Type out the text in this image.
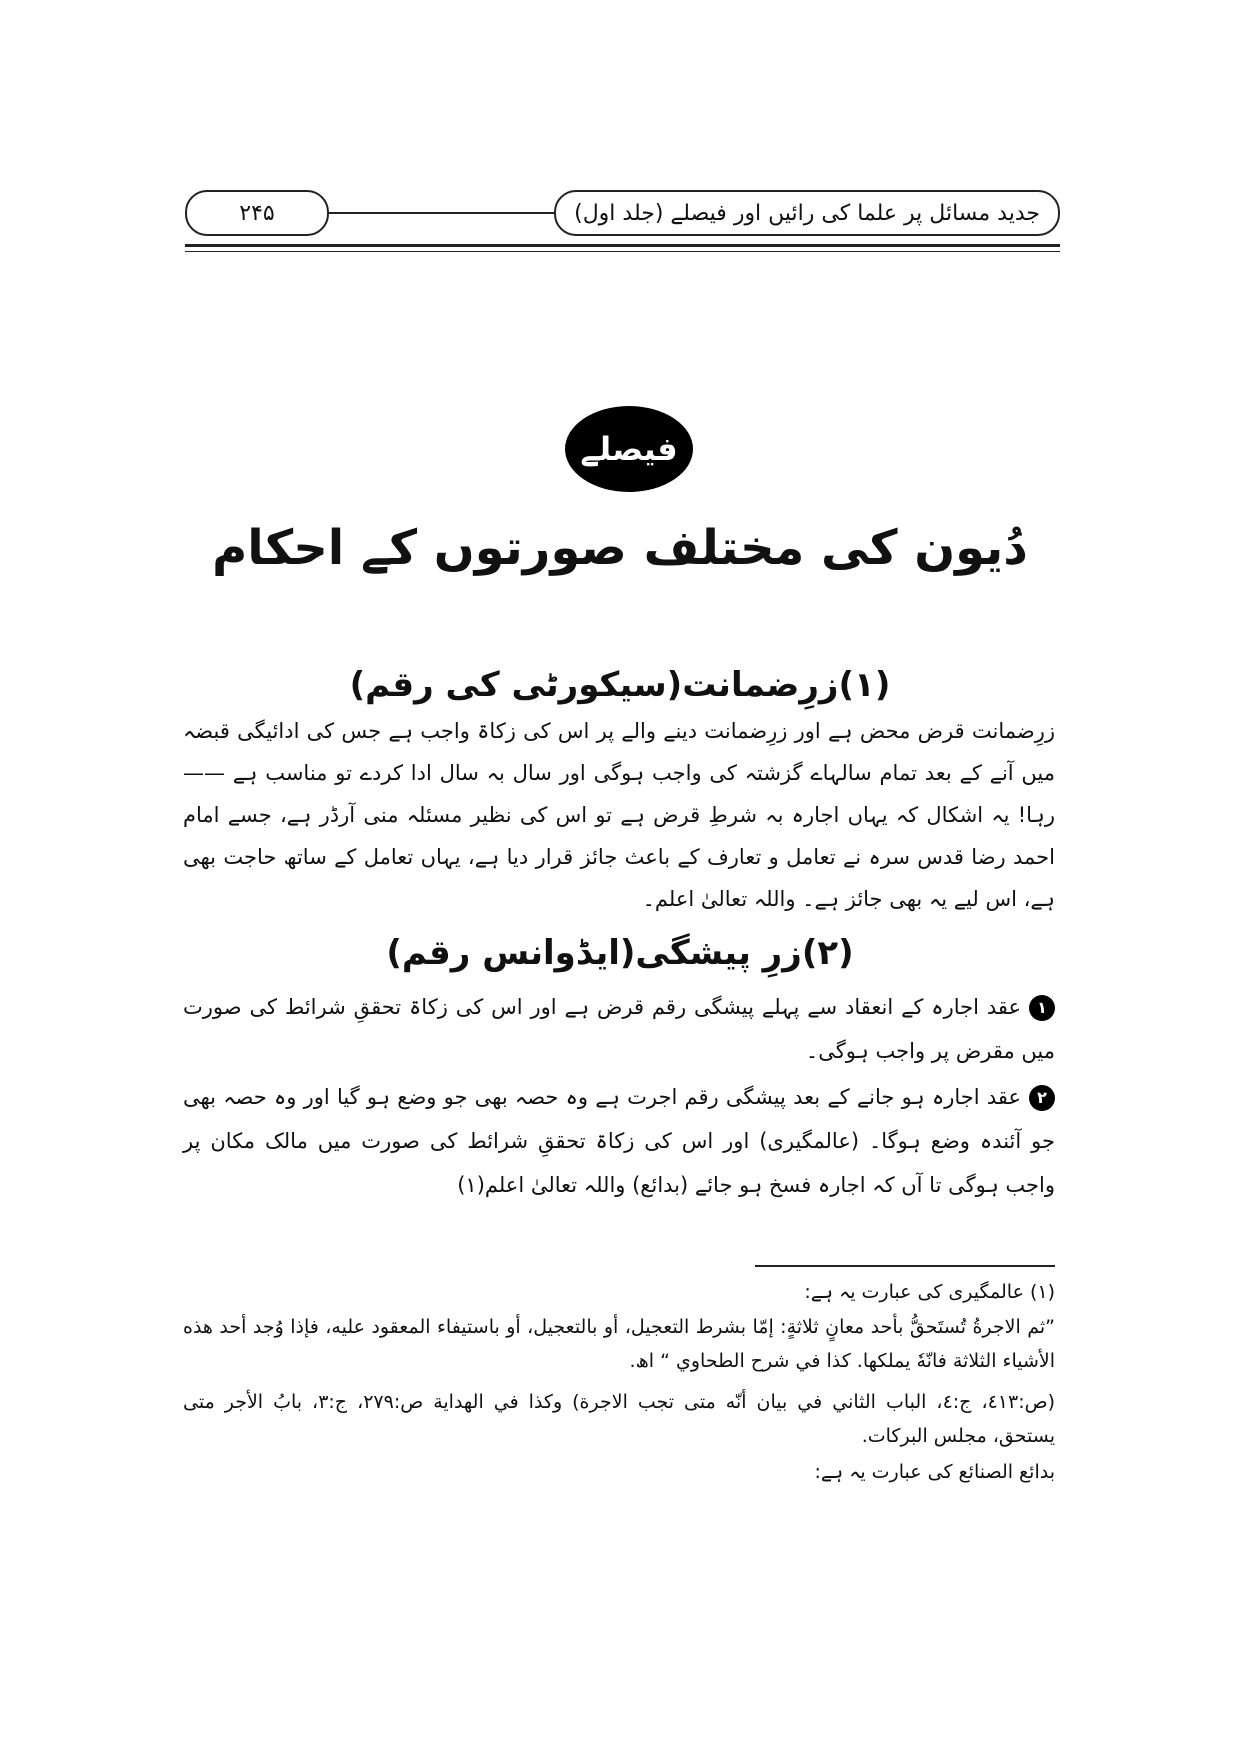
جدید مسائل پر علما کی رائیں اور فیصلے (جلد اول)
۲۴۵
فیصلے
دُیون کی مختلف صورتوں کے احکام
(۱)زرِضمانت(سیکورٹی کی رقم)
زرِضمانت قرض محض ہے اور زرِضمانت دینے والے پر اس کی زکاۃ واجب ہے جس کی ادائیگی قبضہ میں آنے کے بعد تمام سالہاے گزشتہ کی واجب ہوگی اور سال بہ سال ادا کردے تو مناسب ہے —— رہا! یہ اشکال کہ یہاں اجارہ بہ شرطِ قرض ہے تو اس کی نظیر مسئلہ منی آرڈر ہے، جسے امام احمد رضا قدس سرہ نے تعامل و تعارف کے باعث جائز قرار دیا ہے، یہاں تعامل کے ساتھ حاجت بھی ہے، اس لیے یہ بھی جائز ہے۔ واللہ تعالیٰ اعلم۔
(۲)زرِ پیشگی(ایڈوانس رقم)
۱عقد اجارہ کے انعقاد سے پہلے پیشگی رقم قرض ہے اور اس کی زکاۃ تحققِ شرائط کی صورت میں مقرض پر واجب ہوگی۔
۲عقد اجارہ ہو جانے کے بعد پیشگی رقم اجرت ہے وہ حصہ بھی جو وضع ہو گیا اور وہ حصہ بھی جو آئندہ وضع ہوگا۔ (عالمگیری) اور اس کی زکاۃ تحققِ شرائط کی صورت میں مالک مکان پر واجب ہوگی تا آں کہ اجارہ فسخ ہو جائے (بدائع) واللہ تعالیٰ اعلم(۱)
(۱) عالمگیری کی عبارت یہ ہے:
”ثم الاجرةُ تُستَحقُّ بأحد معانٍ ثلاثةٍ: إمّا بشرط التعجيل، أو بالتعجيل، أو باستيفاء المعقود عليه، فإذا وُجد أحد هذه الأشياء الثلاثة فانّهٗ يملكها. كذا في شرح الطحاوي “ اھ.
(ص:٤١٣، ج:٤، الباب الثاني في بيان أنّه متى تجب الاجرة) وكذا في الهداية ص:٢٧٩، ج:٣، بابُ الأجر متى يستحق، مجلس البركات.
بدائع الصنائع کی عبارت یہ ہے:
